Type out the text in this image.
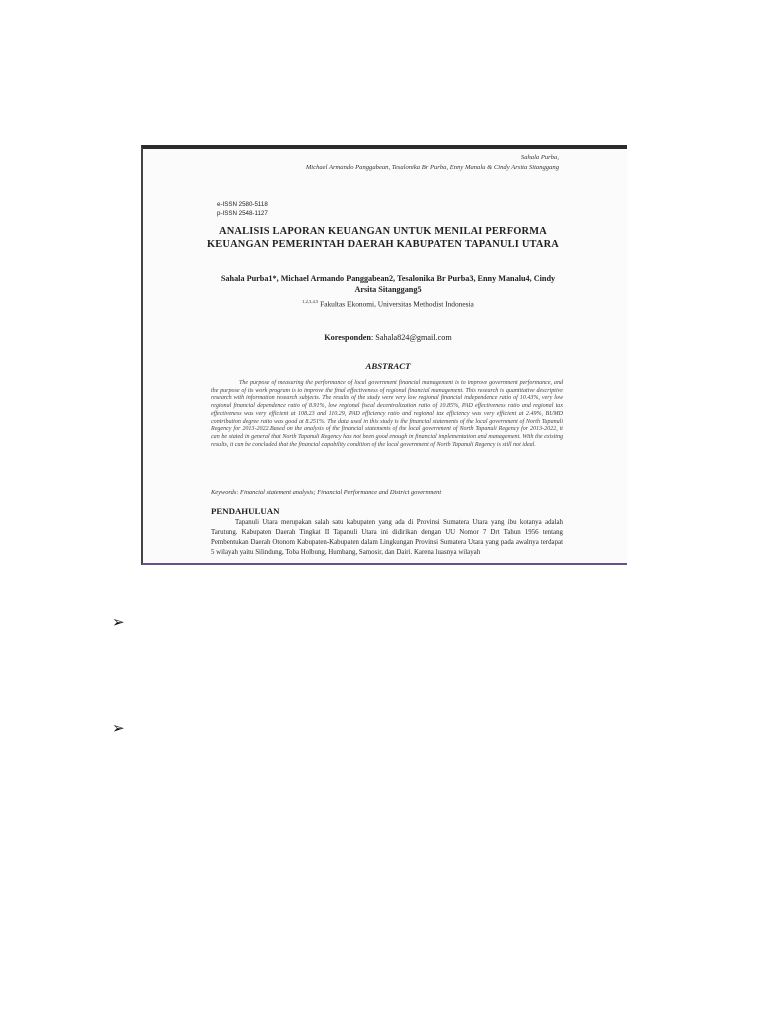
Sahala Purba,
Michael Armando Panggabean, Tesalonika Br Purba, Enny Manalu & Cindy Arsita Sitanggang
e-ISSN 2580-5118
p-ISSN 2548-1127
ANALISIS LAPORAN KEUANGAN UNTUK MENILAI PERFORMA KEUANGAN PEMERINTAH DAERAH KABUPATEN TAPANULI UTARA
Sahala Purba1*, Michael Armando Panggabean2, Tesalonika Br Purba3, Enny Manalu4, Cindy Arsita Sitanggang5
$^{1,2,3,4,5}$ Fakultas Ekonomi, Universitas Methodist Indonesia
Koresponden: Sahala824@gmail.com
ABSTRACT
The purpose of measuring the performance of local government financial management is to improve government performance, and the purpose of its work program is to improve the final effectiveness of regional financial management. This research is quantitative descriptive research with information research subjects. The results of the study were very low regional financial independence ratio of 10.43%, very low regional financial dependence ratio of 8.91%, low regional fiscal decentralization ratio of 10.85%, PAD effectiveness ratio and regional tax effectiveness was very efficient at 108.23 and 110.29, PAD efficiency ratio and regional tax efficiency was very efficient at 2.49%, BUMD contribution degree ratio was good at 8.251%. The data used in this study is the financial statements of the local government of North Tapanuli Regency for 2013-2022.Based on the analysis of the financial statements of the local government of North Tapanuli Regency for 2013-2022, it can be stated in general that North Tapanuli Regency has not been good enough in financial implementation and management. With the existing results, it can be concluded that the financial capability condition of the local government of North Tapanuli Regency is still not ideal.
Keywords: Financial statement analysis; Financial Performance and District government
PENDAHULUAN
Tapanuli Utara merupakan salah satu kabupaten yang ada di Provinsi Sumatera Utara yang ibu kotanya adalah Tarutung. Kabupaten Daerah Tingkat II Tapanuli Utara ini didirikan dengan UU Nomor 7 Drt Tahun 1956 tentang Pembentukan Daerah Otonom Kabupaten-Kabupaten dalam Lingkungan Provinsi Sumatera Utara yang pada awalnya terdapat 5 wilayah yaitu Silindung, Toba Holbung, Humbang, Samosir, dan Dairi. Karena luasnya wilayah
➢
➢
